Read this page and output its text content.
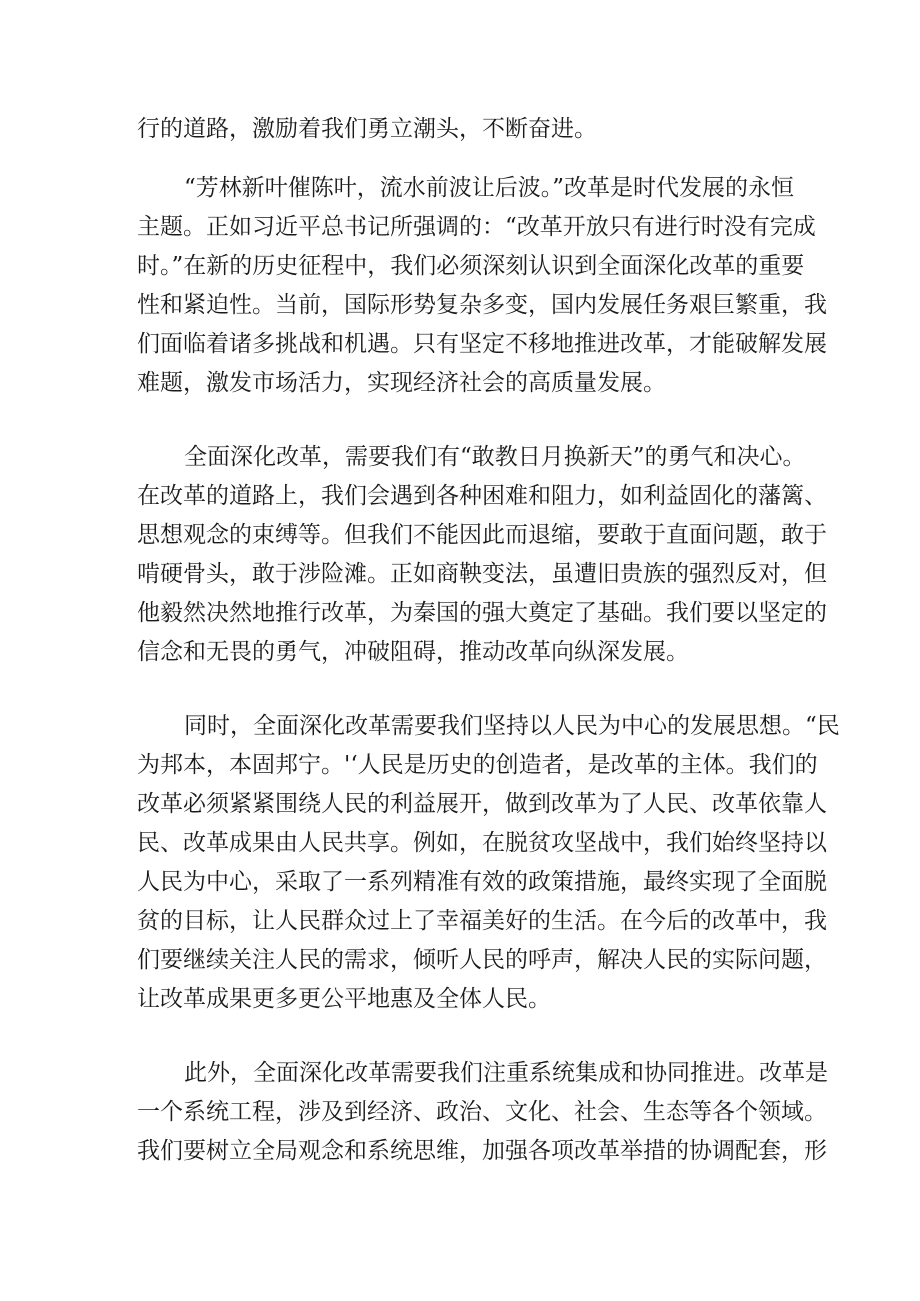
行的道路，激励着我们勇立潮头，不断奋进。
“芳林新叶催陈叶，流水前波让后波。”改革是时代发展的永恒
主题。正如习近平总书记所强调的：“改革开放只有进行时没有完成
时。”在新的历史征程中，我们必须深刻认识到全面深化改革的重要
性和紧迫性。当前，国际形势复杂多变，国内发展任务艰巨繁重，我
们面临着诸多挑战和机遇。只有坚定不移地推进改革，才能破解发展
难题，激发市场活力，实现经济社会的高质量发展。
全面深化改革，需要我们有“敢教日月换新天”的勇气和决心。
在改革的道路上，我们会遇到各种困难和阻力，如利益固化的藩篱、
思想观念的束缚等。但我们不能因此而退缩，要敢于直面问题，敢于
啃硬骨头，敢于涉险滩。正如商鞅变法，虽遭旧贵族的强烈反对，但
他毅然决然地推行改革，为秦国的强大奠定了基础。我们要以坚定的
信念和无畏的勇气，冲破阻碍，推动改革向纵深发展。
同时，全面深化改革需要我们坚持以人民为中心的发展思想。“民
为邦本，本固邦宁。'‘人民是历史的创造者，是改革的主体。我们的
改革必须紧紧围绕人民的利益展开，做到改革为了人民、改革依靠人
民、改革成果由人民共享。例如，在脱贫攻坚战中，我们始终坚持以
人民为中心，采取了一系列精准有效的政策措施，最终实现了全面脱
贫的目标，让人民群众过上了幸福美好的生活。在今后的改革中，我
们要继续关注人民的需求，倾听人民的呼声，解决人民的实际问题，
让改革成果更多更公平地惠及全体人民。
此外，全面深化改革需要我们注重系统集成和协同推进。改革是
一个系统工程，涉及到经济、政治、文化、社会、生态等各个领域。
我们要树立全局观念和系统思维，加强各项改革举措的协调配套，形
